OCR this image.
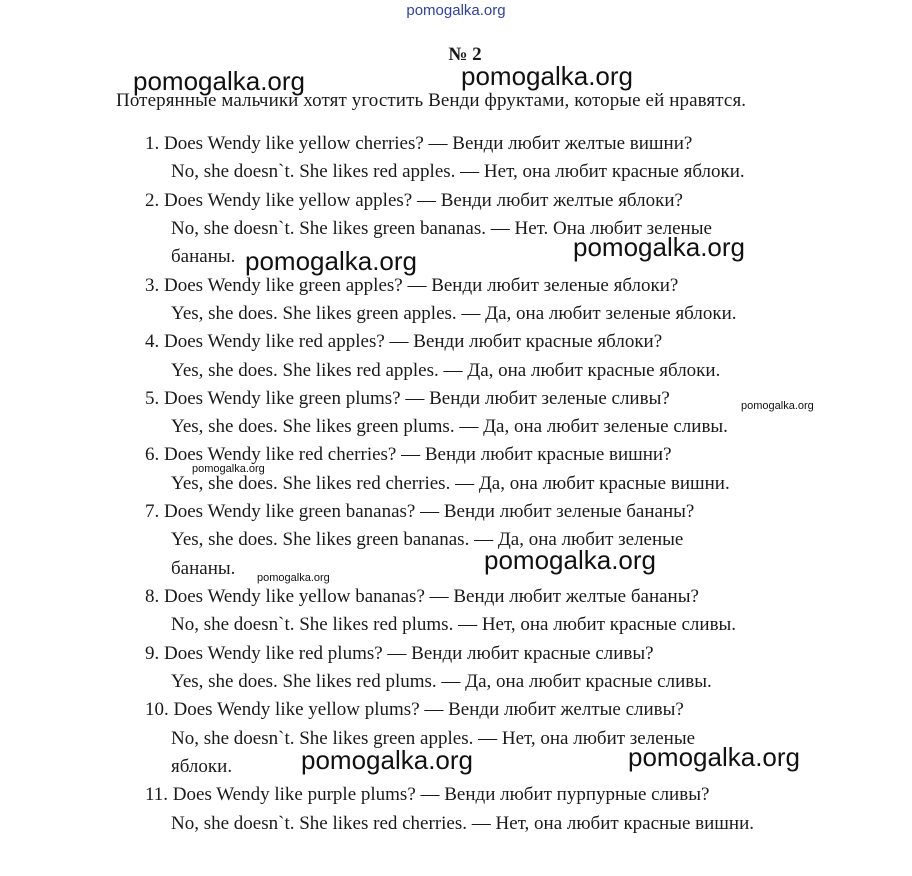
pomogalka.org
№ 2
Потерянные мальчики хотят угостить Венди фруктами, которые ей нравятся.
1. Does Wendy like yellow cherries? — Венди любит желтые вишни?
No, she doesn`t. She likes red apples. — Нет, она любит красные яблоки.
2. Does Wendy like yellow apples? — Венди любит желтые яблоки?
No, she doesn`t. She likes green bananas. — Нет. Она любит зеленые
бананы.
3. Does Wendy like green apples? — Венди любит зеленые яблоки?
Yes, she does. She likes green apples. — Да, она любит зеленые яблоки.
4. Does Wendy like red apples? — Венди любит красные яблоки?
Yes, she does. She likes red apples. — Да, она любит красные яблоки.
5. Does Wendy like green plums? — Венди любит зеленые сливы?
Yes, she does. She likes green plums. — Да, она любит зеленые сливы.
6. Does Wendy like red cherries? — Венди любит красные вишни?
Yes, she does. She likes red cherries. — Да, она любит красные вишни.
7. Does Wendy like green bananas? — Венди любит зеленые бананы?
Yes, she does. She likes green bananas. — Да, она любит зеленые
бананы.
8. Does Wendy like yellow bananas? — Венди любит желтые бананы?
No, she doesn`t. She likes red plums. — Нет, она любит красные сливы.
9. Does Wendy like red plums? — Венди любит красные сливы?
Yes, she does. She likes red plums. — Да, она любит красные сливы.
10. Does Wendy like yellow plums? — Венди любит желтые сливы?
No, she doesn`t. She likes green apples. — Нет, она любит зеленые
яблоки.
11. Does Wendy like purple plums? — Венди любит пурпурные сливы?
No, she doesn`t. She likes red cherries. — Нет, она любит красные вишни.
pomogalka.org	pomogalka.org
pomogalka.org
pomogalka.org
pomogalka.org
pomogalka.org
pomogalka.org
pomogalka.org
pomogalka.org
pomogalka.org
